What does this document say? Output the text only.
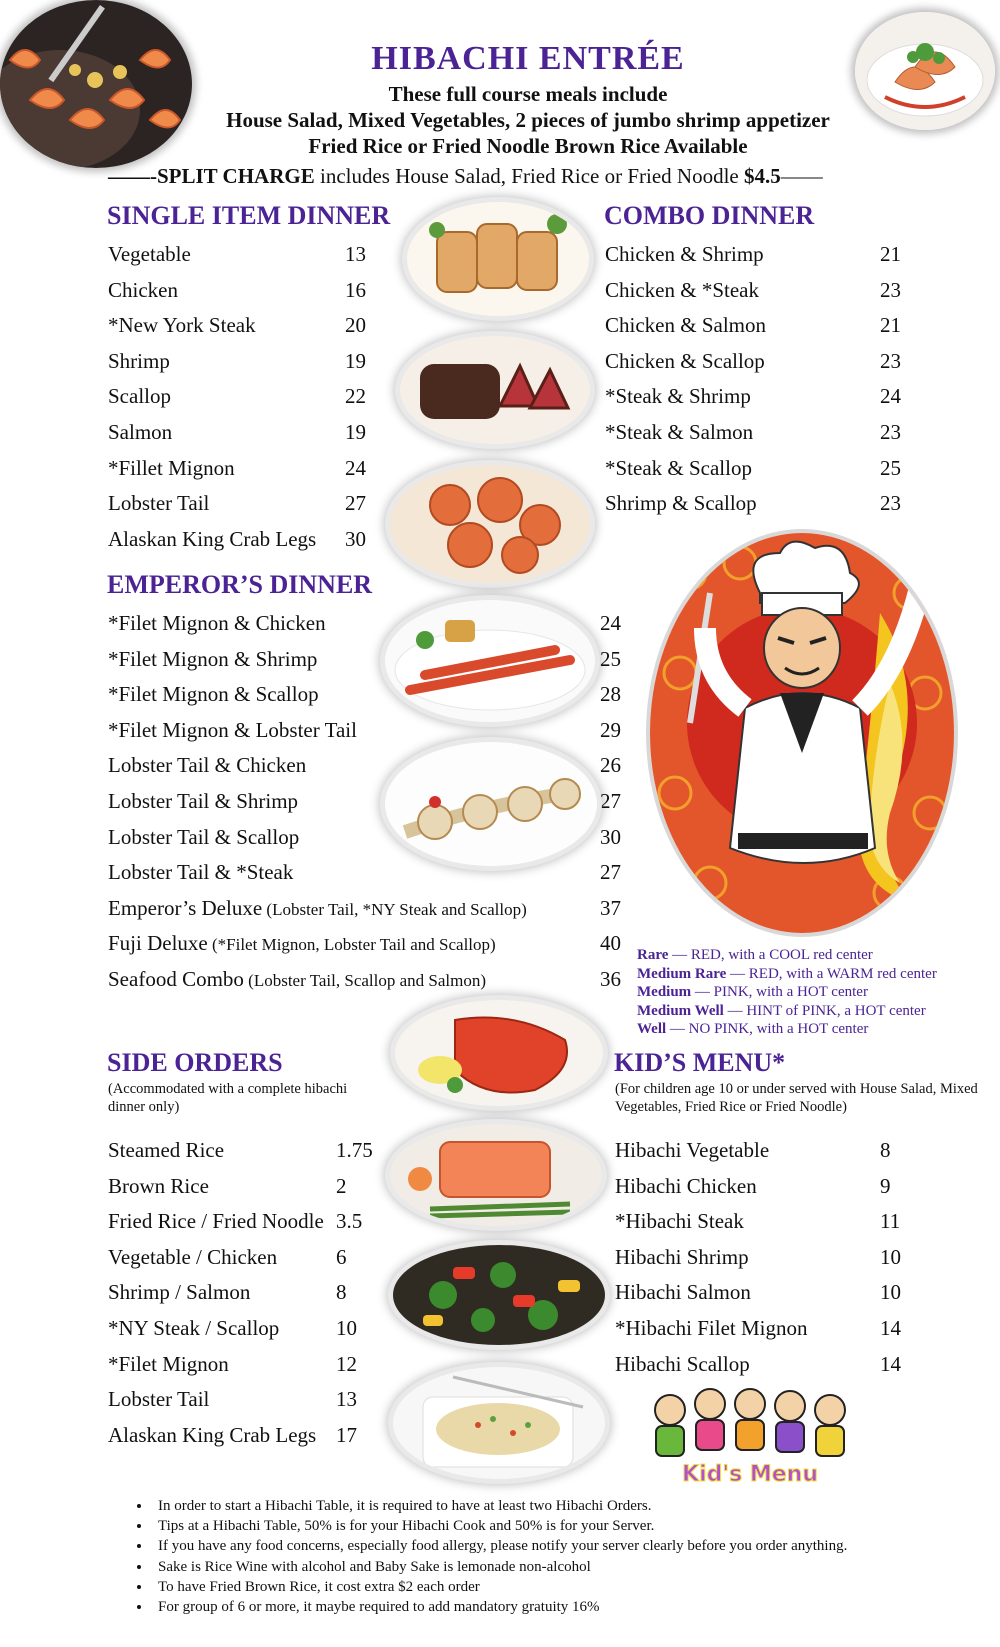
HIBACHI ENTRÉE
These full course meals include
House Salad, Mixed Vegetables, 2 pieces of jumbo shrimp appetizer
Fried Rice or Fried Noodle Brown Rice Available
——-SPLIT CHARGE includes House Salad, Fried Rice or Fried Noodle $4.5——
SINGLE ITEM DINNER	COMBO DINNER
EMPEROR’S DINNER
SIDE ORDERS
(Accommodated with a complete hibachi dinner only)
KID’S MENU*
(For children age 10 or under served with House Salad, Mixed Vegetables, Fried Rice or Fried Noodle)
Vegetable	13
Chicken	16
*New York Steak	20
Shrimp	19
Scallop	22
Salmon	19
*Fillet Mignon	24
Lobster Tail	27
Alaskan King Crab Legs 30
Chicken & Shrimp	21
Chicken & *Steak	23
Chicken & Salmon	21
Chicken & Scallop	23
*Steak & Shrimp	24
*Steak & Salmon	23
*Steak & Scallop	25
Shrimp & Scallop	23
*Filet Mignon & Chicken	24
*Filet Mignon & Shrimp	25
*Filet Mignon & Scallop	28
*Filet Mignon & Lobster Tail	29
Lobster Tail & Chicken	26
Lobster Tail & Shrimp	27
Lobster Tail & Scallop	30
Lobster Tail & *Steak	27
Emperor’s Deluxe (Lobster Tail, *NY Steak and Scallop)	37
Fuji Deluxe (*Filet Mignon, Lobster Tail and Scallop)	40
Seafood Combo (Lobster Tail, Scallop and Salmon)	36
Steamed Rice	1.75
Brown Rice	2
Fried Rice / Fried Noodle 3.5
Vegetable / Chicken	6
Shrimp / Salmon	8
*NY Steak / Scallop	10
*Filet Mignon	12
Lobster Tail	13
Alaskan King Crab Legs 17
Hibachi Vegetable	8
Hibachi Chicken	9
*Hibachi Steak	11
Hibachi Shrimp	10
Hibachi Salmon	10
*Hibachi Filet Mignon	14
Hibachi Scallop	14
Rare — RED, with a COOL red center
Medium Rare — RED, with a WARM red center
Medium — PINK, with a HOT center
Medium Well — HINT of PINK, a HOT center
Well — NO PINK, with a HOT center
Kid's Menu
• In order to start a Hibachi Table, it is required to have at least two Hibachi Orders.
• Tips at a Hibachi Table, 50% is for your Hibachi Cook and 50% is for your Server.
• If you have any food concerns, especially food allergy, please notify your server clearly before you order anything.
• Sake is Rice Wine with alcohol and Baby Sake is lemonade non-alcohol
• To have Fried Brown Rice, it cost extra $2 each order
• For group of 6 or more, it maybe required to add mandatory gratuity 16%
